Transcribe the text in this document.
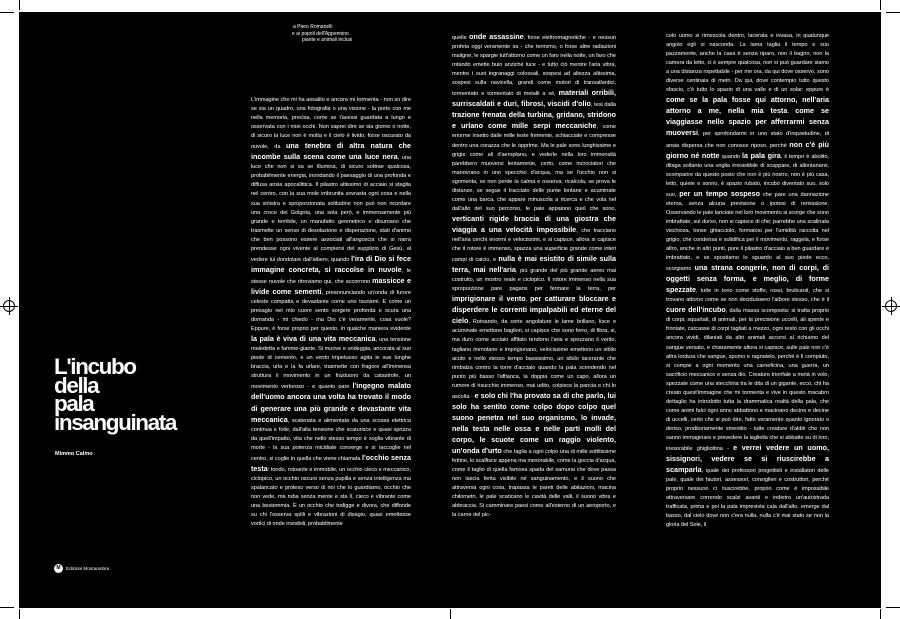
a Piero Romanelli
e ai popoli dell'Appennino
piante e animali inclusi

L'immagine che mi ha assalito e ancora mi tormenta - non so dire se sia un quadro, una fotografia o una visione - la porto con me nella memoria, precisa, come se l'avessi guardata a lungo e osservata con i miei occhi. Non saprei dire se sia giorno o notte, di sicuro la luce non è molta e il cielo è livido, forse oscurato da nuvole, da una tenebra di altra natura che incombe sulla scena come una luce nera, una luce che non si sa se illumina, di sicuro sottrae qualcosa, probabilmente energia, inondando il paesaggio di una profonda e diffusa ansia apocalittica. Il pilastro altissimo di acciaio si staglia nel centro, con la sua mole imbrunita sovrasta ogni cosa e nella sua sinistra e sproporzionata solitudine non può non ricordare una croce del Golgota, una sola però, e immensamente più grande e terribile, un manufatto geometrico e disumano che trasmette un senso di desolazione e disperazione, stati d'animo che ben possono essere associati all'angoscia che si narra prendesse ogni vivente al compiersi del supplizio di Gesù, al vedere lui dondolare dall'albero, quando l'ira di Dio si fece immagine concreta, si raccolse in nuvole, le stesse nuvole che ritroviamo qui, che accorrono massicce e livide come sementi, preannunciando un'onda di furore celeste compatta e devastante come uno tsunami. E come un presagio nel mio cuore sento sorgere profonda e scura una domanda - mi chiedo - ma Dio c'è veramente, cosa vuole? Eppure, è forse proprio per questo, in qualche maniera evidente la pala è viva di una vita meccanica, una tensione maledetta e famme-giante. Si muove e undeggia, ancorata al suo piede di cemento, e un vento impetuoso agita le sue lunghe braccia, urla e la fa urlare, trasmette con fragore all'immensa struttura il movimento in un frastuono da catastrofe, un movimento vertoroso - e quanto pare l'ingegno malato dell'uomo ancora una volta ha trovato il modo di generare una più grande e devastante vita meccanica, scatenata e alimentata da una scossa elettrica continua e folle, dall'alta tensione che scaturisce e quasi sprizza da quell'impatto, vita che nello stesso tempo è soglia vibrante di morte - la sua potenza micidiale converge e si raccoglie nel centro, si coglie in quella che viene chiamata l'occhio senza testa: tondo, rotoante e immobile, un occhio cieco e meccanico, ciclopico, un occhio oscuro senza pupilla e senza intelligenza ma spalancato e proteso verso di noi che lo guardiamo, occhio che non vede, ma ruba senza mente e sta lì, cieco e vibrante come una bestemmia. È un occhio che trafigge e divora, che diffonde su chi l'osserva spilli e vibrazioni di disagio, quasi emettesse vortici di onde invisibili, probabilmente

quelle onde assassine, forse elettromagnetiche - e nessun profeta oggi veramente sa - che terrismo, o forse altre radiazioni maligne, le spargie tutt'attorno come un faro nella notte, un faro che rotando emette buio anziché luce - e tutto ciò mentre l'aria vibra, mentre i suoi ingranaggi colossali, sospesi ad altezza altissima, sospesi sulla navicella, grandi come motori di transatlantici, tormentato e tormentato di metalli a sé, materiali orribili, surriscaldati e duri, fibrosi, viscidi d'olio, tesi dalla trazione frenata della turbina, gridano, stridono e urlano come mille serpi meccaniche, come enorme insetto dalle mille teste fremente, schiacciate e compresse dentro una corazza che le opprime. Ma le pale sono lunghissime e grigie come ali d'aeroplano, e vederle nella loro immensità parebbero muoversi lentamente, certo, come incrociatori che manovrano in uno specchio d'acqua, ma se l'occhio non si sgomenta, se non perde la calma e osserva, ricalcola, se prova le distanze, se segue il tracciato delle punte lontane e acuminate come una barca, che appare minuscola a ricerca e che vola nel dall'alto del suo percorso, le pale appaiono quel che sono, verticanti rigide braccia di una giostra che viaggia a una velocità impossibile, che tracciano nell'aria cerchi enormi e velocissimi, e si capisce, allora si capisce che il rotore è immenso, spazza una superficie grande come interi campi di calcio, e nulla è mai esistito di simile sulla terra, mai nell'aria, più grande del più grande aereo mai costruito, un mostro reale e ciclopico. Il rotore immenso nella sua sproporzione pare pagarsi per fermare la terra, per imprigionare il vento, per catturare bloccare e disperdere le correnti impalpabili ed eterne del cielo. Rotoando, da certe angolature le lame brillano, lisce e acuminate emettono bagliori, si capisce che sono ferro, di fibra, si, ma duro come acciaio affilato tendono l'aria e spezzano il vento, tagliano immotano e imprigionano, velocissime emettono un sibilo acuto e nello stesso tempo bassissimo, un sibilo lacerante che rimbalza contro la torre d'acciaio quando la pala scendendo nel punto più basso l'affianca, la doppia come un capo, allora un rumore di risucchio immenso, mai udito, colpisce la pancia e chi lo ascolta - e solo chi l'ha provato sa di che parlo, lui solo ha sentito come colpo dopo colpo quel suono penetra nel suo organismo, lo invade, nella testa nelle ossa e nelle parti molli del corpo, le scuote come un raggio violento, un'onda d'urto che taglia a ogni colpo una di mille sottilissime fettine, lo scalfisce appena ma inesorabile, come la goccia d'acqua, come il taglio di quella famosa spada del samurai che dove passa non lascia ferita visibile né sanguinamento, e il suono che attraversa ogni cosa, trapassa le pareti delle abitazioni, macina chilometri, le pale scaricano le cavità delle valli, il suono vibra e abbraccia. Si camminare paesi come all'esterno di un aeroporto, e la carne del pic-

colo uomo si rimescola dentro, lacerata e invasa, in qualunque angolo egli si nasconda. La lama taglia il tempo e suo pazzamente, anche la casa è senza riparo, non il bagno, non la camera da letto, ci è sempre qualcosa, non si può guardare siamo a una distanza rispettabile - per me ora, da qui dove osservo, sono diverse centinaia di metri. Da qui, dove contempio tutto questo sfascio, c'è tutto lo spazio di una valle e di un solar: eppure è come se la pala fosse qui attorno, nell'aria attorno a me, nella mia testa, come se viaggiasse nello spazio per afferrarmi senza muoversi, per sprofondarmi in uno stato d'inquietudine, di ansia dispersa che non conosce riposo, perché non c'è più giorno né notte quando la pala gira, il tempo è abolito, dilaga soltanto una voglia irresistibile di scappare, di allontanarsi, scomparire da questo posto che non è più nostro, non è più casa, letto, quiete e sonno, è spazio rubato, incubo diventato suo, solo suo, per un tempo sospeso che pare una dannazione eterna, senza alcuna previsione o ipotesi di remissione. Osservando le pale lanciate nel loro movimento si scorge che sono imbrattate, sul dorso, non si capisce di che; parrebbe una scalinata vischiosa, tonse ghiacciolo, formatosi per l'umidità raccolta nel grigio, che condensa e solidifica per il movimento, raggela, e forse altro, anche in altri punti, pure il pilastro d'acciaio a ben guardare è imbrattato, e se spostiamo lo sguardo al suo piede ecco, scorgiamo una strana congerie, non di corpi, di oggetti senza forma, e meglio, di forme spezzate, tutte in tono come stoffe, rossi, brulicanti, che si trovano attorno come se non deciduissero l'albore stesso, che è il cuore dell'incubo, dalla massa scomposta: si tratta proprio di corpi, squartati, di animali, per la precisione uccelli, ali spente e frontate, carcasse di corpi tagliati a mezzo, ogni resto con gli occhi ancora vividi, dilaniati da altri animali accorsi al richiamo del sangue versato, e chiaramente altora si capisce, sulle pale non c'è altra lordura che sangue, spumo e ragnatelo, perché è lì compiuto, si compie a ogni momento una carneficina, una guerra, un sacrificio meccanico e senza dio. Creature trionfale a metà in volo, spezzate come una stecchina tra le dita di un gigante, ecco, chi ha creato quest'immagine che mi tormenta e vive in questo macabro dettaglio ha introdotto tutta la drammatica realtà della pala, che come animi falci ogni anno abbattono e macinano decine e decine di uccelli, certo che si può dire, fatto veramente quanto ignorato o deriso, proditoriamente smentito - tutte creature d'aldiè che non sanno immaginare e prevedere la lagliella che si abbatte su di loro, inesorabile ghigliottina - e verrei vedere un uomo, sissignori, vedere se si riuscirebbe a scamparla, quale dei professori progettisti e installatori delle pale, quale dei fautori, assessori, consiglieri e costruttori, perché proprio nessuno ci riuscirebbe, proprio come è impossibile attraversare correndo scalzi avanti e indietro un'autostrada trafficata, prima e poi la pala imprevista cala dall'alto, emerge dal basso, dal cielo dove non c'era nulla, nulla c'è mai stato se non la gloria del Sole, il

L'incubo
della
pala
insanguinata
Mimmo Calmo
M	Edizioni Montaombra
